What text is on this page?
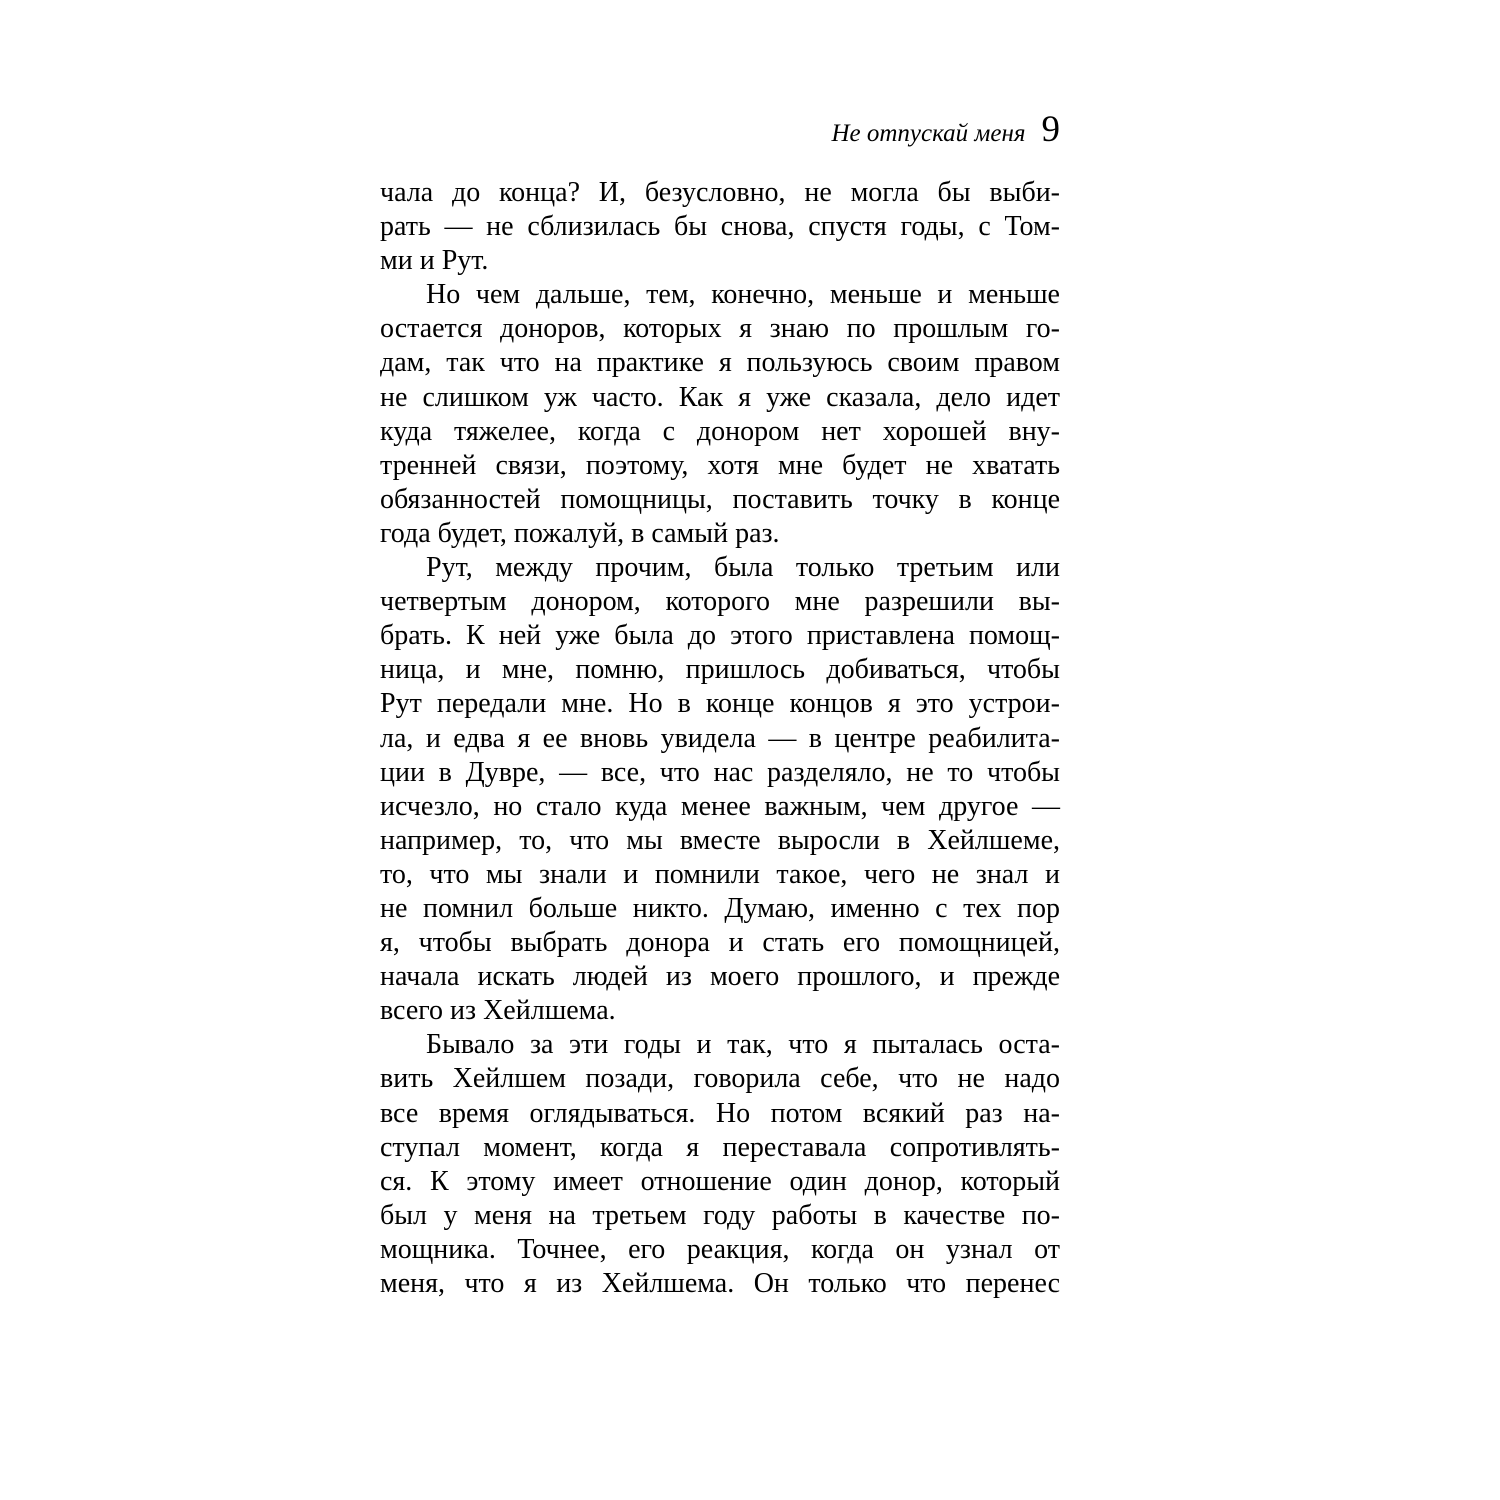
Не отпускай меня 9
чала до конца? И, безусловно, не могла бы выби-
рать — не сблизилась бы снова, спустя годы, с Том-
ми и Рут.
Но чем дальше, тем, конечно, меньше и меньше
остается доноров, которых я знаю по прошлым го-
дам, так что на практике я пользуюсь своим правом
не слишком уж часто. Как я уже сказала, дело идет
куда тяжелее, когда с донором нет хорошей вну-
тренней связи, поэтому, хотя мне будет не хватать
обязанностей помощницы, поставить точку в конце
года будет, пожалуй, в самый раз.
Рут, между прочим, была только третьим или
четвертым донором, которого мне разрешили вы-
брать. К ней уже была до этого приставлена помощ-
ница, и мне, помню, пришлось добиваться, чтобы
Рут передали мне. Но в конце концов я это устрои-
ла, и едва я ее вновь увидела — в центре реабилита-
ции в Дувре, — все, что нас разделяло, не то чтобы
исчезло, но стало куда менее важным, чем другое —
например, то, что мы вместе выросли в Хейлшеме,
то, что мы знали и помнили такое, чего не знал и
не помнил больше никто. Думаю, именно с тех пор
я, чтобы выбрать донора и стать его помощницей,
начала искать людей из моего прошлого, и прежде
всего из Хейлшема.
Бывало за эти годы и так, что я пыталась оста-
вить Хейлшем позади, говорила себе, что не надо
все время оглядываться. Но потом всякий раз на-
ступал момент, когда я переставала сопротивлять-
ся. К этому имеет отношение один донор, который
был у меня на третьем году работы в качестве по-
мощника. Точнее, его реакция, когда он узнал от
меня, что я из Хейлшема. Он только что перенес
